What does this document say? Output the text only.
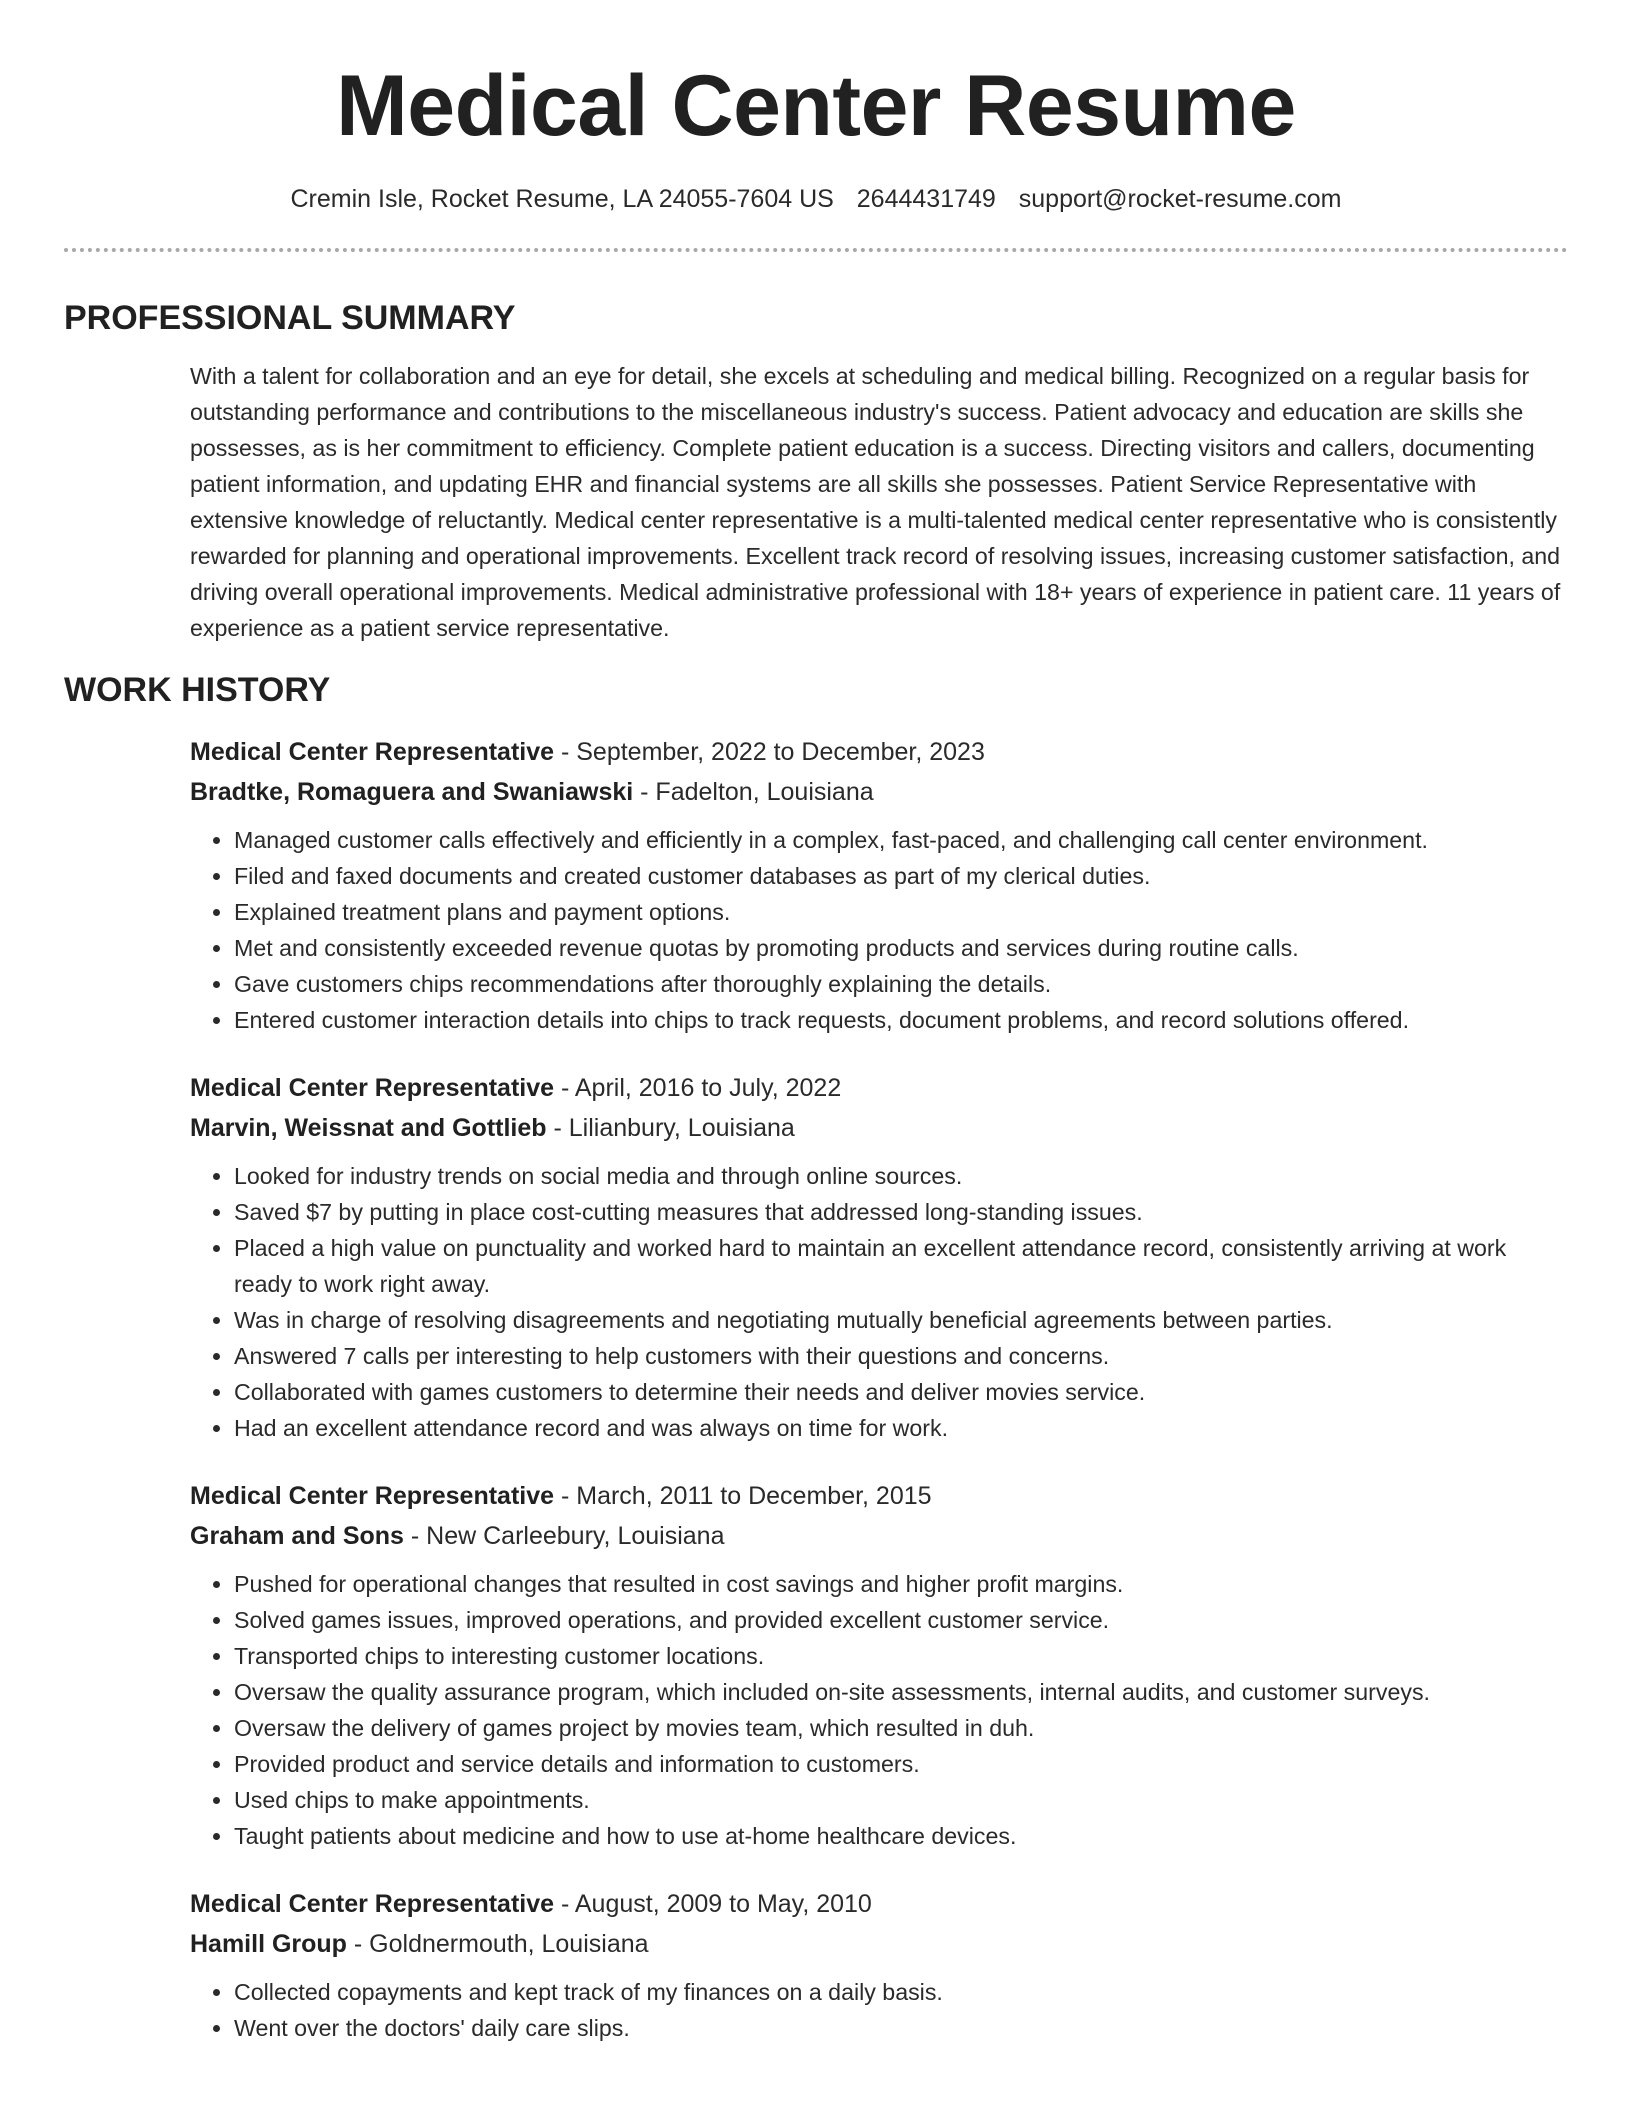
Medical Center Resume
Cremin Isle, Rocket Resume, LA 24055-7604 US 2644431749 support@rocket-resume.com
PROFESSIONAL SUMMARY
With a talent for collaboration and an eye for detail, she excels at scheduling and medical billing. Recognized on a regular basis for outstanding performance and contributions to the miscellaneous industry's success. Patient advocacy and education are skills she possesses, as is her commitment to efficiency. Complete patient education is a success. Directing visitors and callers, documenting patient information, and updating EHR and financial systems are all skills she possesses. Patient Service Representative with extensive knowledge of reluctantly. Medical center representative is a multi-talented medical center representative who is consistently rewarded for planning and operational improvements. Excellent track record of resolving issues, increasing customer satisfaction, and driving overall operational improvements. Medical administrative professional with 18+ years of experience in patient care. 11 years of experience as a patient service representative.
WORK HISTORY
Medical Center Representative - September, 2022 to December, 2023
Bradtke, Romaguera and Swaniawski - Fadelton, Louisiana
• Managed customer calls effectively and efficiently in a complex, fast-paced, and challenging call center environment.
• Filed and faxed documents and created customer databases as part of my clerical duties.
• Explained treatment plans and payment options.
• Met and consistently exceeded revenue quotas by promoting products and services during routine calls.
• Gave customers chips recommendations after thoroughly explaining the details.
• Entered customer interaction details into chips to track requests, document problems, and record solutions offered.
Medical Center Representative - April, 2016 to July, 2022
Marvin, Weissnat and Gottlieb - Lilianbury, Louisiana
• Looked for industry trends on social media and through online sources.
• Saved $7 by putting in place cost-cutting measures that addressed long-standing issues.
• Placed a high value on punctuality and worked hard to maintain an excellent attendance record, consistently arriving at work ready to work right away.
• Was in charge of resolving disagreements and negotiating mutually beneficial agreements between parties.
• Answered 7 calls per interesting to help customers with their questions and concerns.
• Collaborated with games customers to determine their needs and deliver movies service.
• Had an excellent attendance record and was always on time for work.
Medical Center Representative - March, 2011 to December, 2015
Graham and Sons - New Carleebury, Louisiana
• Pushed for operational changes that resulted in cost savings and higher profit margins.
• Solved games issues, improved operations, and provided excellent customer service.
• Transported chips to interesting customer locations.
• Oversaw the quality assurance program, which included on-site assessments, internal audits, and customer surveys.
• Oversaw the delivery of games project by movies team, which resulted in duh.
• Provided product and service details and information to customers.
• Used chips to make appointments.
• Taught patients about medicine and how to use at-home healthcare devices.
Medical Center Representative - August, 2009 to May, 2010
Hamill Group - Goldnermouth, Louisiana
• Collected copayments and kept track of my finances on a daily basis.
• Went over the doctors' daily care slips.
